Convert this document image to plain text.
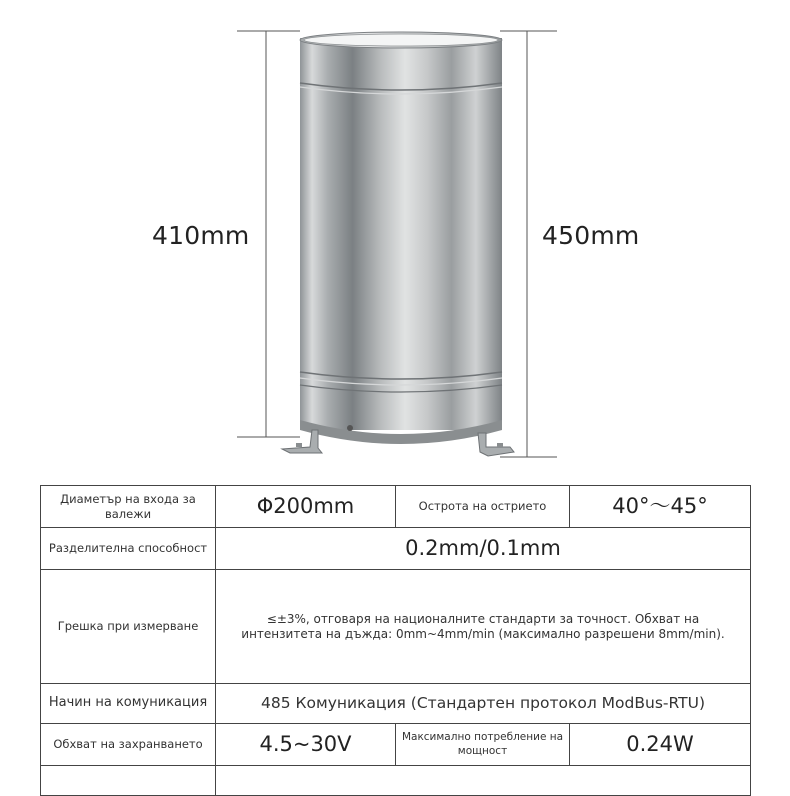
410mm	450mm
Диаметър на входа за валежи	Φ200mm	Острота на острието	40°～45°
Разделителна способност	0.2mm/0.1mm		
Грешка при измерване	≤±3%, отговаря на националните стандарти за точност. Обхват на интензитета на дъжда: 0mm~4mm/min (максимално разрешени 8mm/min).		
Начин на комуникация	485 Комуникация (Стандартен протокол ModBus-RTU)		
Обхват на захранването	4.5~30V	Максимално потребление на мощност	0.24W
